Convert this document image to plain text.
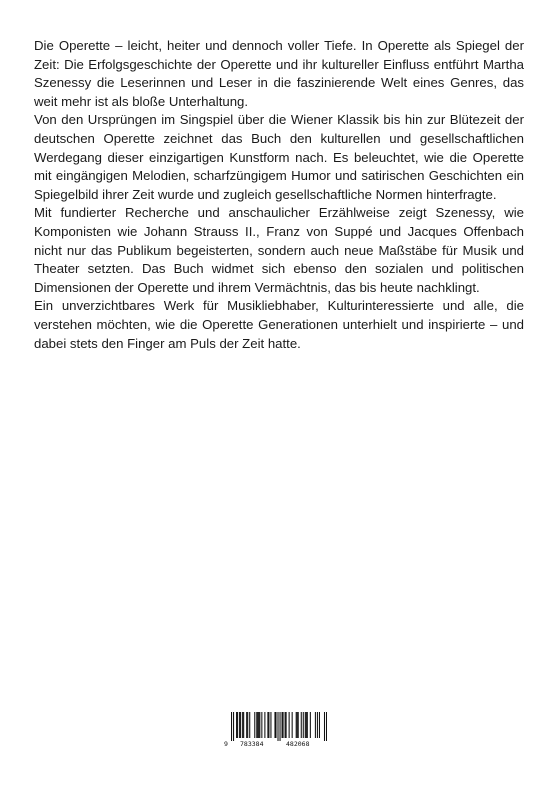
Die Operette – leicht, heiter und dennoch voller Tiefe. In Operette als Spiegel der Zeit: Die Erfolgsgeschichte der Operette und ihr kultureller Einfluss entführt Martha Szenessy die Leserinnen und Leser in die faszinierende Welt eines Genres, das weit mehr ist als bloße Unterhaltung.

Von den Ursprüngen im Singspiel über die Wiener Klassik bis hin zur Blütezeit der deutschen Operette zeichnet das Buch den kulturellen und gesellschaftlichen Werdegang dieser einzigartigen Kunstform nach. Es beleuchtet, wie die Operette mit eingängigen Melodien, scharfzüngigem Humor und satirischen Geschichten ein Spiegelbild ihrer Zeit wurde und zugleich gesellschaftliche Normen hinterfragte.

Mit fundierter Recherche und anschaulicher Erzählweise zeigt Szenessy, wie Komponisten wie Johann Strauss II., Franz von Suppé und Jacques Offenbach nicht nur das Publikum begeisterten, sondern auch neue Maßstäbe für Musik und Theater setzten. Das Buch widmet sich ebenso den sozialen und politischen Dimensionen der Operette und ihrem Vermächtnis, das bis heute nachklingt.

Ein unverzichtbares Werk für Musikliebhaber, Kulturinteressierte und alle, die verstehen möchten, wie die Operette Generationen unterhielt und inspirierte – und dabei stets den Finger am Puls der Zeit hatte.

9 783384	482068
